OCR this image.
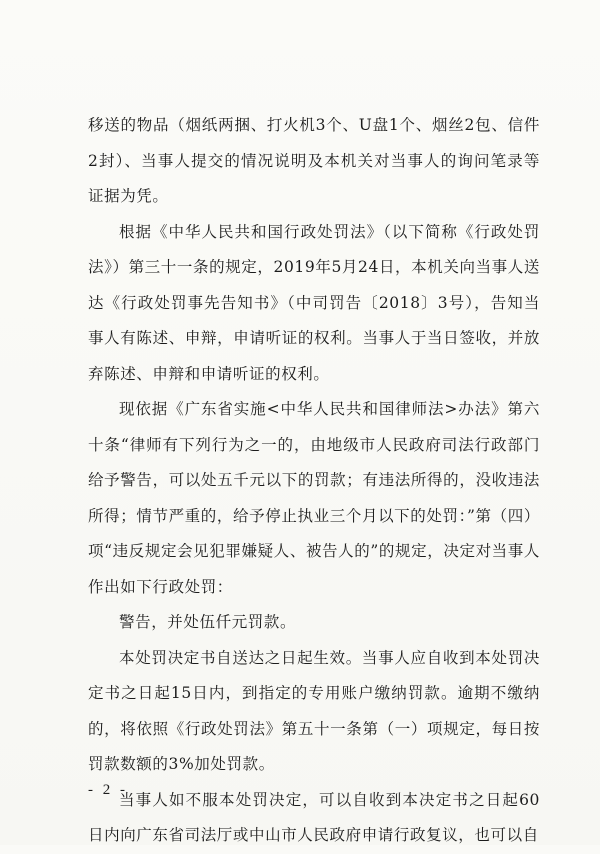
移送的物品（烟纸两捆、打火机3个、U盘1个、烟丝2包、信件2封）、当事人提交的情况说明及本机关对当事人的询问笔录等证据为凭。

根据《中华人民共和国行政处罚法》（以下简称《行政处罚法》）第三十一条的规定，2019年5月24日，本机关向当事人送达《行政处罚事先告知书》（中司罚告〔2018〕3号），告知当事人有陈述、申辩，申请听证的权利。当事人于当日签收，并放弃陈述、申辩和申请听证的权利。

现依据《广东省实施<中华人民共和国律师法>办法》第六十条“律师有下列行为之一的，由地级市人民政府司法行政部门给予警告，可以处五千元以下的罚款；有违法所得的，没收违法所得；情节严重的，给予停止执业三个月以下的处罚：”第（四）项“违反规定会见犯罪嫌疑人、被告人的”的规定，决定对当事人作出如下行政处罚：

警告，并处伍仟元罚款。

本处罚决定书自送达之日起生效。当事人应自收到本处罚决定书之日起15日内，到指定的专用账户缴纳罚款。逾期不缴纳的，将依照《行政处罚法》第五十一条第（一）项规定，每日按罚款数额的3%加处罚款。

当事人如不服本处罚决定，可以自收到本决定书之日起60日内向广东省司法厅或中山市人民政府申请行政复议，也可以自

- 2 -
